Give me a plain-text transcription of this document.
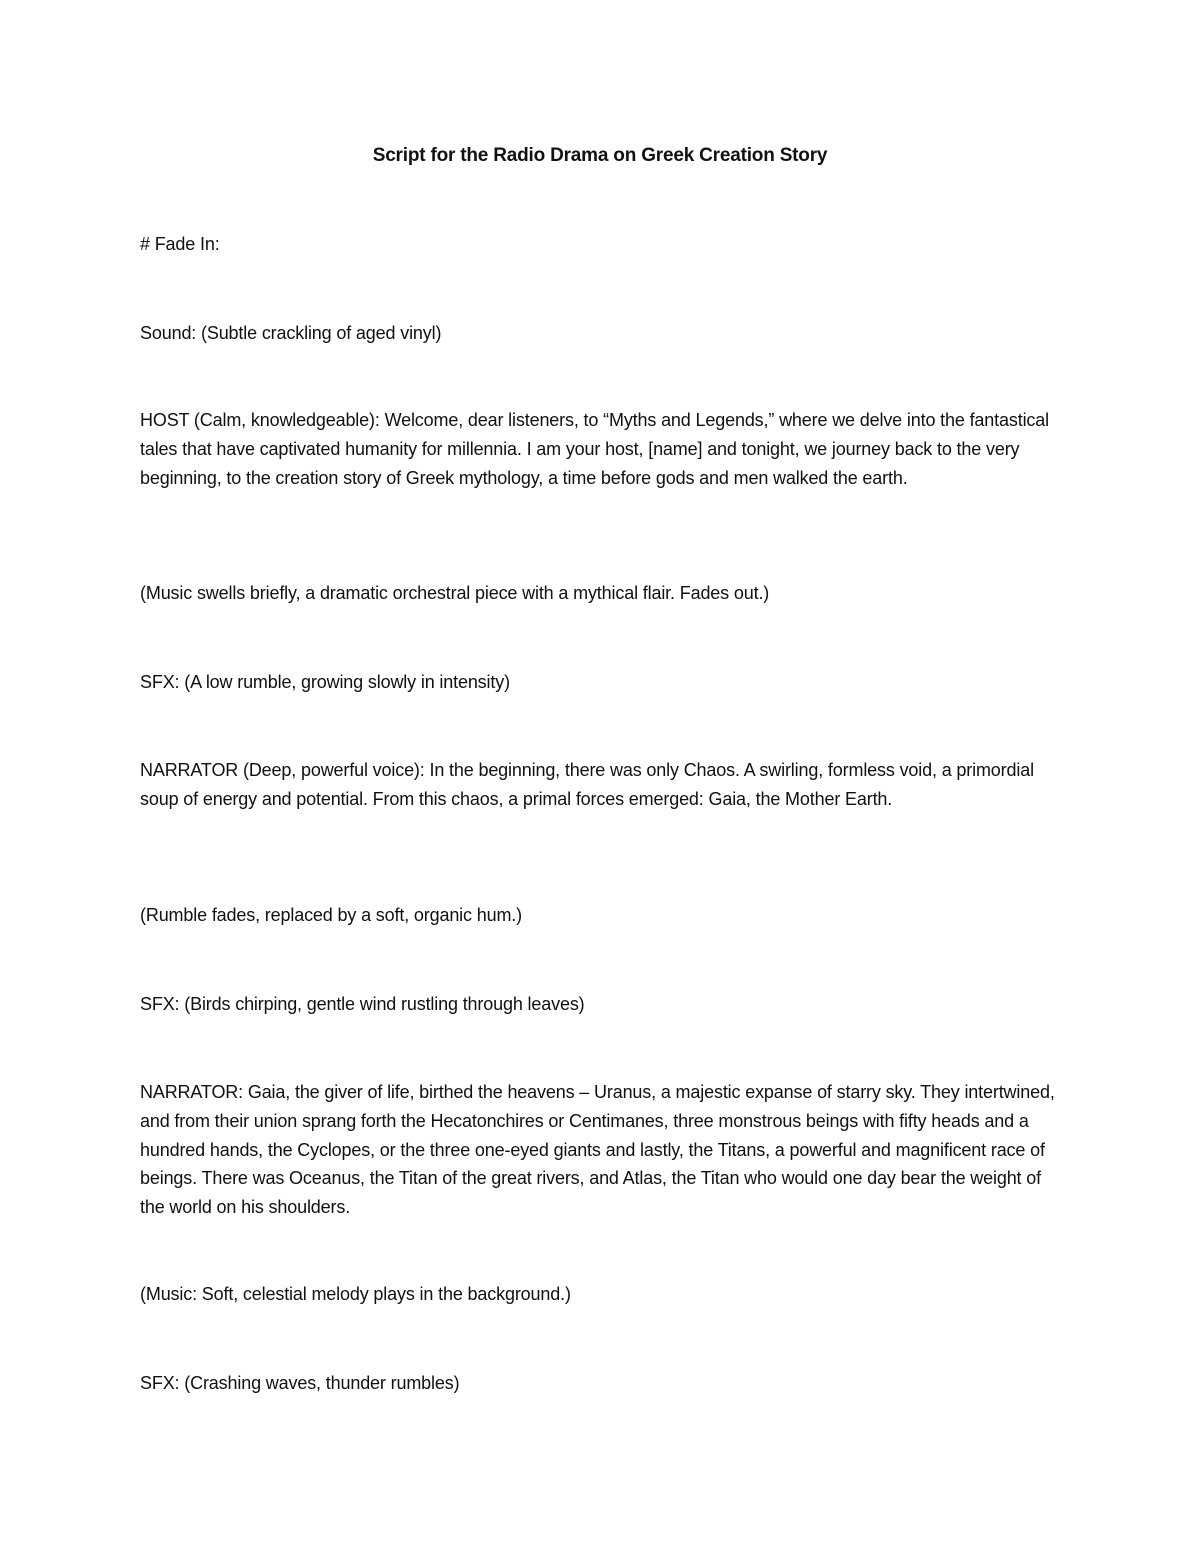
Script for the Radio Drama on Greek Creation Story

# Fade In:

Sound: (Subtle crackling of aged vinyl)

HOST (Calm, knowledgeable): Welcome, dear listeners, to “Myths and Legends,” where we delve into the fantastical tales that have captivated humanity for millennia. I am your host, [name] and tonight, we journey back to the very beginning, to the creation story of Greek mythology, a time before gods and men walked the earth.

(Music swells briefly, a dramatic orchestral piece with a mythical flair. Fades out.)

SFX: (A low rumble, growing slowly in intensity)

NARRATOR (Deep, powerful voice): In the beginning, there was only Chaos. A swirling, formless void, a primordial soup of energy and potential. From this chaos, a primal forces emerged: Gaia, the Mother Earth.

(Rumble fades, replaced by a soft, organic hum.)

SFX: (Birds chirping, gentle wind rustling through leaves)

NARRATOR: Gaia, the giver of life, birthed the heavens – Uranus, a majestic expanse of starry sky. They intertwined, and from their union sprang forth the Hecatonchires or Centimanes, three monstrous beings with fifty heads and a hundred hands, the Cyclopes, or the three one-eyed giants and lastly, the Titans, a powerful and magnificent race of beings. There was Oceanus, the Titan of the great rivers, and Atlas, the Titan who would one day bear the weight of the world on his shoulders.

(Music: Soft, celestial melody plays in the background.)

SFX: (Crashing waves, thunder rumbles)
